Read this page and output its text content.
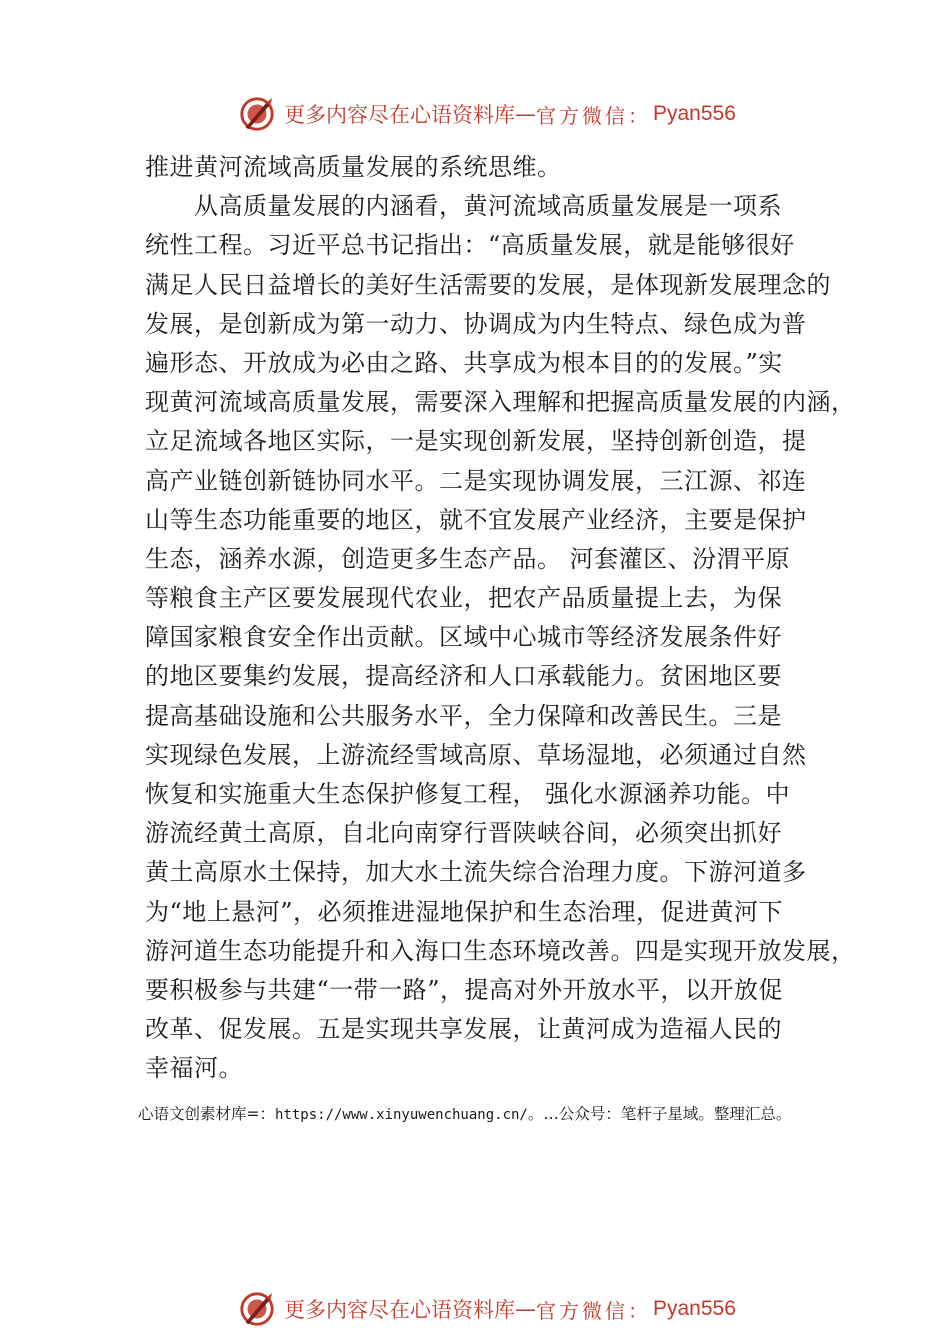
更多内容尽在心语资料库 — 官方微信： Pyan556
推进黄河流域高质量发展的系统思维。
　　从高质量发展的内涵看，黄河流域高质量发展是一项系
统性工程。习近平总书记指出：“高质量发展，就是能够很好
满足人民日益增长的美好生活需要的发展，是体现新发展理念的
发展，是创新成为第一动力、协调成为内生特点、绿色成为普
遍形态、开放成为必由之路、共享成为根本目的的发展。”实
现黄河流域高质量发展，需要深入理解和把握高质量发展的内涵，
立足流域各地区实际，一是实现创新发展，坚持创新创造，提
高产业链创新链协同水平。二是实现协调发展，三江源、祁连
山等生态功能重要的地区，就不宜发展产业经济，主要是保护
生态，涵养水源，创造更多生态产品。 河套灌区、汾渭平原
等粮食主产区要发展现代农业，把农产品质量提上去，为保
障国家粮食安全作出贡献。区域中心城市等经济发展条件好
的地区要集约发展，提高经济和人口承载能力。贫困地区要
提高基础设施和公共服务水平，全力保障和改善民生。三是
实现绿色发展，上游流经雪域高原、草场湿地，必须通过自然
恢复和实施重大生态保护修复工程， 强化水源涵养功能。中
游流经黄土高原，自北向南穿行晋陕峡谷间，必须突出抓好
黄土高原水土保持，加大水土流失综合治理力度。下游河道多
为“地上悬河”，必须推进湿地保护和生态治理，促进黄河下
游河道生态功能提升和入海口生态环境改善。四是实现开放发展，
要积极参与共建“一带一路”，提高对外开放水平，以开放促
改革、促发展。五是实现共享发展，让黄河成为造福人民的
幸福河。
心语文创素材库=：https://www.xinyuwenchuang.cn/。…公众号：笔杆子星域。整理汇总。
更多内容尽在心语资料库 — 官方微信： Pyan556
